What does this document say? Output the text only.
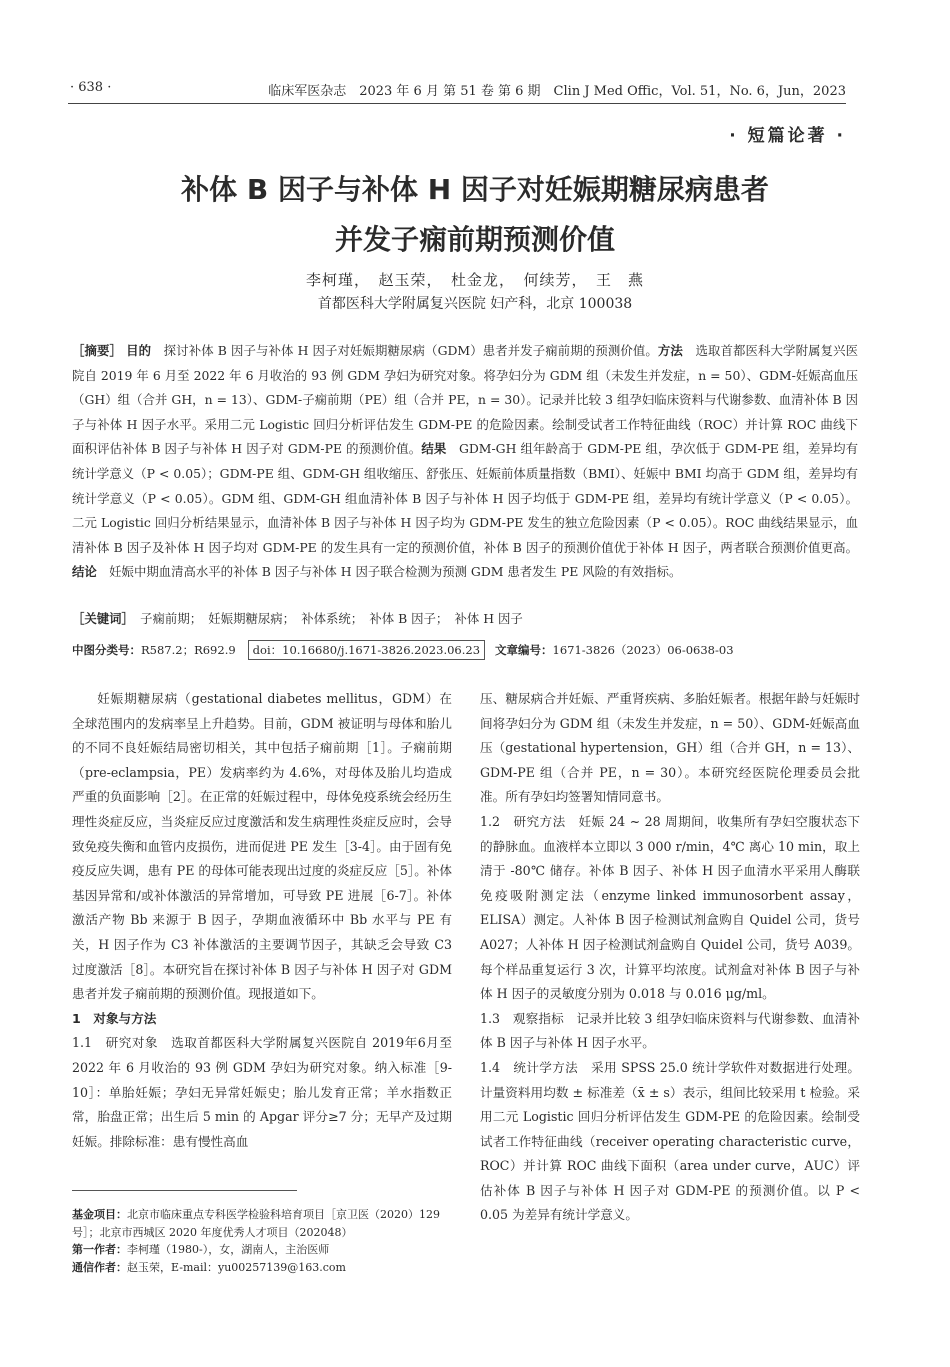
· 638 ·	临床军医杂志　2023 年 6 月 第 51 卷 第 6 期　Clin J Med Offic，Vol. 51，No. 6，Jun，2023
· 短篇论著 ·
补体 B 因子与补体 H 因子对妊娠期糖尿病患者
并发子痫前期预测价值
李柯瑾，　赵玉荣，　杜金龙，　何续芳，　王　燕
首都医科大学附属复兴医院 妇产科，北京 100038

［摘要］ 目的　 探讨补体 B 因子与补体 H 因子对妊娠期糖尿病（GDM）患者并发子痫前期的预测价值。方法　 选取首都医科大学附属复兴医院自 2019 年 6 月至 2022 年 6 月收治的 93 例 GDM 孕妇为研究对象。将孕妇分为 GDM 组（未发生并发症，n = 50）、GDM-妊娠高血压（GH）组（合并 GH，n = 13）、GDM-子痫前期（PE）组（合并 PE，n = 30）。记录并比较 3 组孕妇临床资料与代谢参数、血清补体 B 因子与补体 H 因子水平。采用二元 Logistic 回归分析评估发生 GDM-PE 的危险因素。绘制受试者工作特征曲线（ROC）并计算 ROC 曲线下面积评估补体 B 因子与补体 H 因子对 GDM-PE 的预测价值。结果　 GDM-GH 组年龄高于 GDM-PE 组，孕次低于 GDM-PE 组，差异均有统计学意义（P < 0.05）；GDM-PE 组、GDM-GH 组收缩压、舒张压、妊娠前体质量指数（BMI）、妊娠中 BMI 均高于 GDM 组，差异均有统计学意义（P < 0.05）。GDM 组、GDM-GH 组血清补体 B 因子与补体 H 因子均低于 GDM-PE 组，差异均有统计学意义（P < 0.05）。二元 Logistic 回归分析结果显示，血清补体 B 因子与补体 H 因子均为 GDM-PE 发生的独立危险因素（P < 0.05）。ROC 曲线结果显示，血清补体 B 因子及补体 H 因子均对 GDM-PE 的发生具有一定的预测价值，补体 B 因子的预测价值优于补体 H 因子，两者联合预测价值更高。结论　 妊娠中期血清高水平的补体 B 因子与补体 H 因子联合检测为预测 GDM 患者发生 PE 风险的有效指标。

［关键词］　 子痫前期；　妊娠期糖尿病；　补体系统；　补体 B 因子；　补体 H 因子
中图分类号：R587.2；R692.9 doi：10.16680/j.1671-3826.2023.06.23 文章编号：1671-3826（2023）06-0638-03

妊娠期糖尿病（gestational diabetes mellitus，GDM）在全球范围内的发病率呈上升趋势。目前，GDM 被证明与母体和胎儿的不同不良妊娠结局密切相关，其中包括子痫前期［1］。子痫前期（pre-eclampsia，PE）发病率约为 4.6%，对母体及胎儿均造成严重的负面影响［2］。在正常的妊娠过程中，母体免疫系统会经历生理性炎症反应，当炎症反应过度激活和发生病理性炎症反应时，会导致免疫失衡和血管内皮损伤，进而促进 PE 发生［3-4］。由于固有免疫反应失调，患有 PE 的母体可能表现出过度的炎症反应［5］。补体基因异常和/或补体激活的异常增加，可导致 PE 进展［6-7］。补体激活产物 Bb 来源于 B 因子，孕期血液循环中 Bb 水平与 PE 有关，H 因子作为 C3 补体激活的主要调节因子，其缺乏会导致 C3 过度激活［8］。本研究旨在探讨补体 B 因子与补体 H 因子对 GDM 患者并发子痫前期的预测价值。现报道如下。

1　对象与方法

1.1　研究对象　 选取首都医科大学附属复兴医院自 2019年6月至 2022 年 6 月收治的 93 例 GDM 孕妇为研究对象。纳入标准［9-10］：单胎妊娠；孕妇无异常妊娠史；胎儿发育正常；羊水指数正常，胎盘正常；出生后 5 min 的 Apgar 评分≥7 分；无早产及过期妊娠。排除标准：患有慢性高血

压、糖尿病合并妊娠、严重肾疾病、多胎妊娠者。根据年龄与妊娠时间将孕妇分为 GDM 组（未发生并发症，n = 50）、GDM-妊娠高血压（gestational hypertension，GH）组（合并 GH，n = 13）、GDM-PE 组（合并 PE，n = 30）。本研究经医院伦理委员会批准。所有孕妇均签署知情同意书。

1.2　研究方法　 妊娠 24 ~ 28 周期间，收集所有孕妇空腹状态下的静脉血。血液样本立即以 3 000 r/min，4℃ 离心 10 min，取上清于 -80℃ 储存。补体 B 因子、补体 H 因子血清水平采用人酶联免疫吸附测定法（enzyme linked immunosorbent assay，ELISA）测定。人补体 B 因子检测试剂盒购自 Quidel 公司，货号 A027；人补体 H 因子检测试剂盒购自 Quidel 公司，货号 A039。每个样品重复运行 3 次，计算平均浓度。试剂盒对补体 B 因子与补体 H 因子的灵敏度分别为 0.018 与 0.016 μg/ml。

1.3　观察指标　 记录并比较 3 组孕妇临床资料与代谢参数、血清补体 B 因子与补体 H 因子水平。

1.4　统计学方法　 采用 SPSS 25.0 统计学软件对数据进行处理。计量资料用均数 ± 标准差（x̄ ± s）表示，组间比较采用 t 检验。采用二元 Logistic 回归分析评估发生 GDM-PE 的危险因素。绘制受试者工作特征曲线（receiver operating characteristic curve，ROC）并计算 ROC 曲线下面积（area under curve，AUC）评估补体 B 因子与补体 H 因子对 GDM-PE 的预测价值。以 P < 0.05 为差异有统计学意义。

基金项目：北京市临床重点专科医学检验科培育项目［京卫医（2020）129 号］；北京市西城区 2020 年度优秀人才项目（202048）

第一作者：李柯瑾（1980-），女，湖南人，主治医师

通信作者：赵玉荣，E-mail：yu00257139@163.com
